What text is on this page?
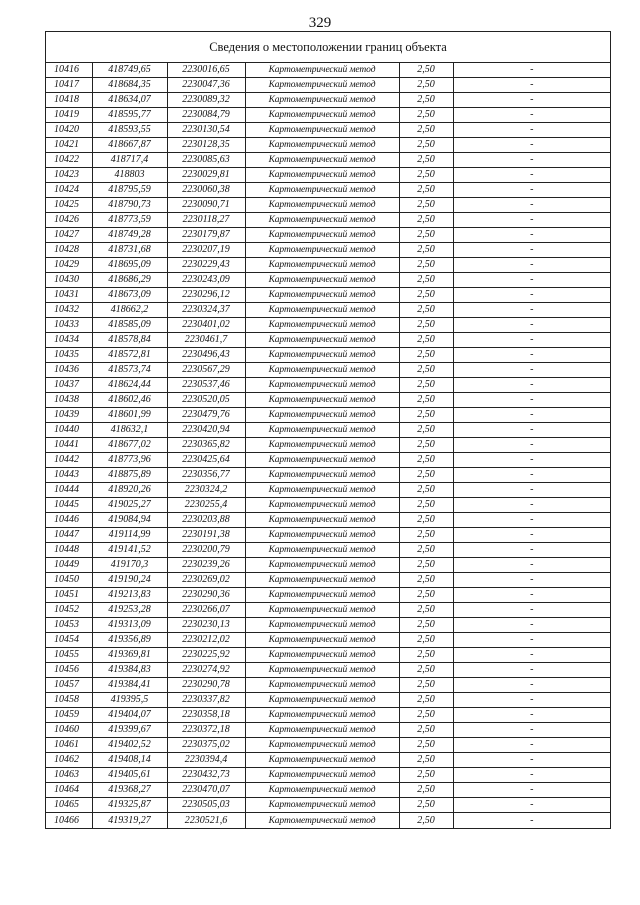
329
Сведения о местоположении границ объекта
10416	418749,65	2230016,65	Картометрический метод	2,50	-
10417	418684,35	2230047,36	Картометрический метод	2,50	-
10418	418634,07	2230089,32	Картометрический метод	2,50	-
10419	418595,77	2230084,79	Картометрический метод	2,50	-
10420	418593,55	2230130,54	Картометрический метод	2,50	-
10421	418667,87	2230128,35	Картометрический метод	2,50	-
10422	418717,4	2230085,63	Картометрический метод	2,50	-
10423	418803	2230029,81	Картометрический метод	2,50	-
10424	418795,59	2230060,38	Картометрический метод	2,50	-
10425	418790,73	2230090,71	Картометрический метод	2,50	-
10426	418773,59	2230118,27	Картометрический метод	2,50	-
10427	418749,28	2230179,87	Картометрический метод	2,50	-
10428	418731,68	2230207,19	Картометрический метод	2,50	-
10429	418695,09	2230229,43	Картометрический метод	2,50	-
10430	418686,29	2230243,09	Картометрический метод	2,50	-
10431	418673,09	2230296,12	Картометрический метод	2,50	-
10432	418662,2	2230324,37	Картометрический метод	2,50	-
10433	418585,09	2230401,02	Картометрический метод	2,50	-
10434	418578,84	2230461,7	Картометрический метод	2,50	-
10435	418572,81	2230496,43	Картометрический метод	2,50	-
10436	418573,74	2230567,29	Картометрический метод	2,50	-
10437	418624,44	2230537,46	Картометрический метод	2,50	-
10438	418602,46	2230520,05	Картометрический метод	2,50	-
10439	418601,99	2230479,76	Картометрический метод	2,50	-
10440	418632,1	2230420,94	Картометрический метод	2,50	-
10441	418677,02	2230365,82	Картометрический метод	2,50	-
10442	418773,96	2230425,64	Картометрический метод	2,50	-
10443	418875,89	2230356,77	Картометрический метод	2,50	-
10444	418920,26	2230324,2	Картометрический метод	2,50	-
10445	419025,27	2230255,4	Картометрический метод	2,50	-
10446	419084,94	2230203,88	Картометрический метод	2,50	-
10447	419114,99	2230191,38	Картометрический метод	2,50	-
10448	419141,52	2230200,79	Картометрический метод	2,50	-
10449	419170,3	2230239,26	Картометрический метод	2,50	-
10450	419190,24	2230269,02	Картометрический метод	2,50	-
10451	419213,83	2230290,36	Картометрический метод	2,50	-
10452	419253,28	2230266,07	Картометрический метод	2,50	-
10453	419313,09	2230230,13	Картометрический метод	2,50	-
10454	419356,89	2230212,02	Картометрический метод	2,50	-
10455	419369,81	2230225,92	Картометрический метод	2,50	-
10456	419384,83	2230274,92	Картометрический метод	2,50	-
10457	419384,41	2230290,78	Картометрический метод	2,50	-
10458	419395,5	2230337,82	Картометрический метод	2,50	-
10459	419404,07	2230358,18	Картометрический метод	2,50	-
10460	419399,67	2230372,18	Картометрический метод	2,50	-
10461	419402,52	2230375,02	Картометрический метод	2,50	-
10462	419408,14	2230394,4	Картометрический метод	2,50	-
10463	419405,61	2230432,73	Картометрический метод	2,50	-
10464	419368,27	2230470,07	Картометрический метод	2,50	-
10465	419325,87	2230505,03	Картометрический метод	2,50	-
10466	419319,27	2230521,6	Картометрический метод	2,50	-
